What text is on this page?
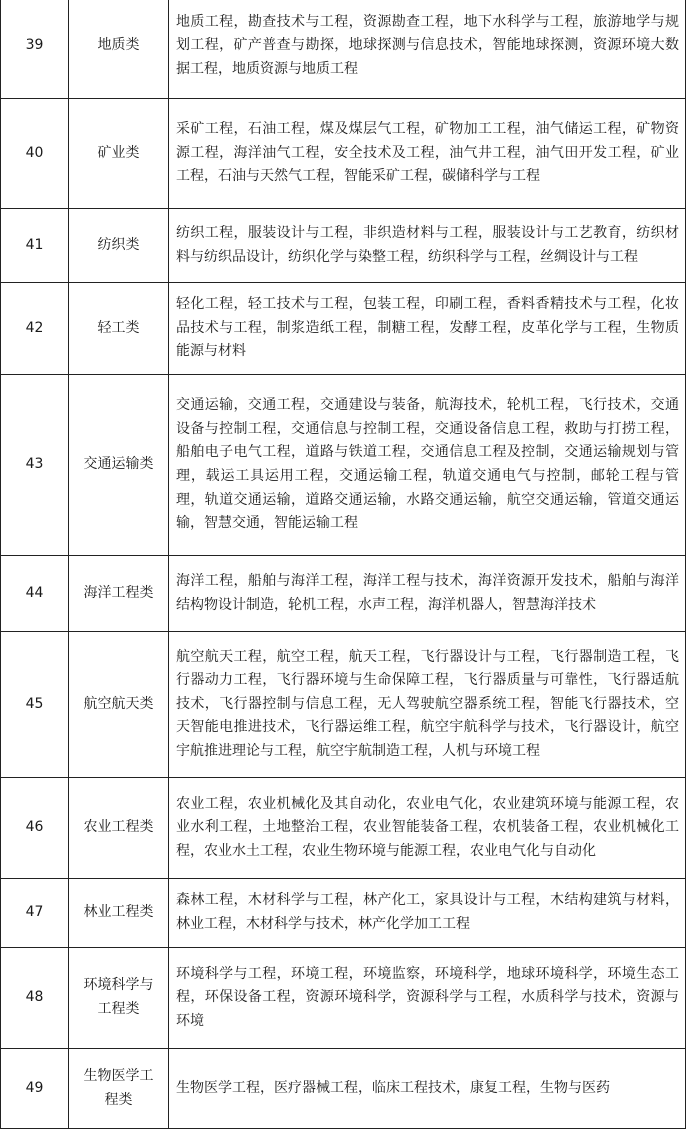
39	地质类	地质工程，勘查技术与工程，资源勘查工程，地下水科学与工程，旅游地学与规划工程，矿产普查与勘探，地球探测与信息技术，智能地球探测，资源环境大数据工程，地质资源与地质工程
40	矿业类	采矿工程，石油工程，煤及煤层气工程，矿物加工工程，油气储运工程，矿物资源工程，海洋油气工程，安全技术及工程，油气井工程，油气田开发工程，矿业工程，石油与天然气工程，智能采矿工程，碳储科学与工程
41	纺织类	纺织工程，服装设计与工程，非织造材料与工程，服装设计与工艺教育，纺织材料与纺织品设计，纺织化学与染整工程，纺织科学与工程，丝绸设计与工程
42	轻工类	轻化工程，轻工技术与工程，包装工程，印刷工程，香料香精技术与工程，化妆品技术与工程，制浆造纸工程，制糖工程，发酵工程，皮革化学与工程，生物质能源与材料
43	交通运输类	交通运输，交通工程，交通建设与装备，航海技术，轮机工程，飞行技术，交通设备与控制工程，交通信息与控制工程，交通设备信息工程，救助与打捞工程，船舶电子电气工程，道路与铁道工程，交通信息工程及控制，交通运输规划与管理，载运工具运用工程，交通运输工程，轨道交通电气与控制，邮轮工程与管理，轨道交通运输，道路交通运输，水路交通运输，航空交通运输，管道交通运输，智慧交通，智能运输工程
44	海洋工程类	海洋工程，船舶与海洋工程，海洋工程与技术，海洋资源开发技术，船舶与海洋结构物设计制造，轮机工程，水声工程，海洋机器人，智慧海洋技术
45	航空航天类	航空航天工程，航空工程，航天工程，飞行器设计与工程，飞行器制造工程，飞行器动力工程，飞行器环境与生命保障工程，飞行器质量与可靠性，飞行器适航技术，飞行器控制与信息工程，无人驾驶航空器系统工程，智能飞行器技术，空天智能电推进技术，飞行器运维工程，航空宇航科学与技术，飞行器设计，航空宇航推进理论与工程，航空宇航制造工程，人机与环境工程
46	农业工程类	农业工程，农业机械化及其自动化，农业电气化，农业建筑环境与能源工程，农业水利工程，土地整治工程，农业智能装备工程，农机装备工程，农业机械化工程，农业水土工程，农业生物环境与能源工程，农业电气化与自动化
47	林业工程类	森林工程，木材科学与工程，林产化工，家具设计与工程，木结构建筑与材料，林业工程，木材科学与技术，林产化学加工工程
48	环境科学与工程类	环境科学与工程，环境工程，环境监察，环境科学，地球环境科学，环境生态工程，环保设备工程，资源环境科学，资源科学与工程，水质科学与技术，资源与环境
49	生物医学工程类	生物医学工程，医疗器械工程，临床工程技术，康复工程，生物与医药
